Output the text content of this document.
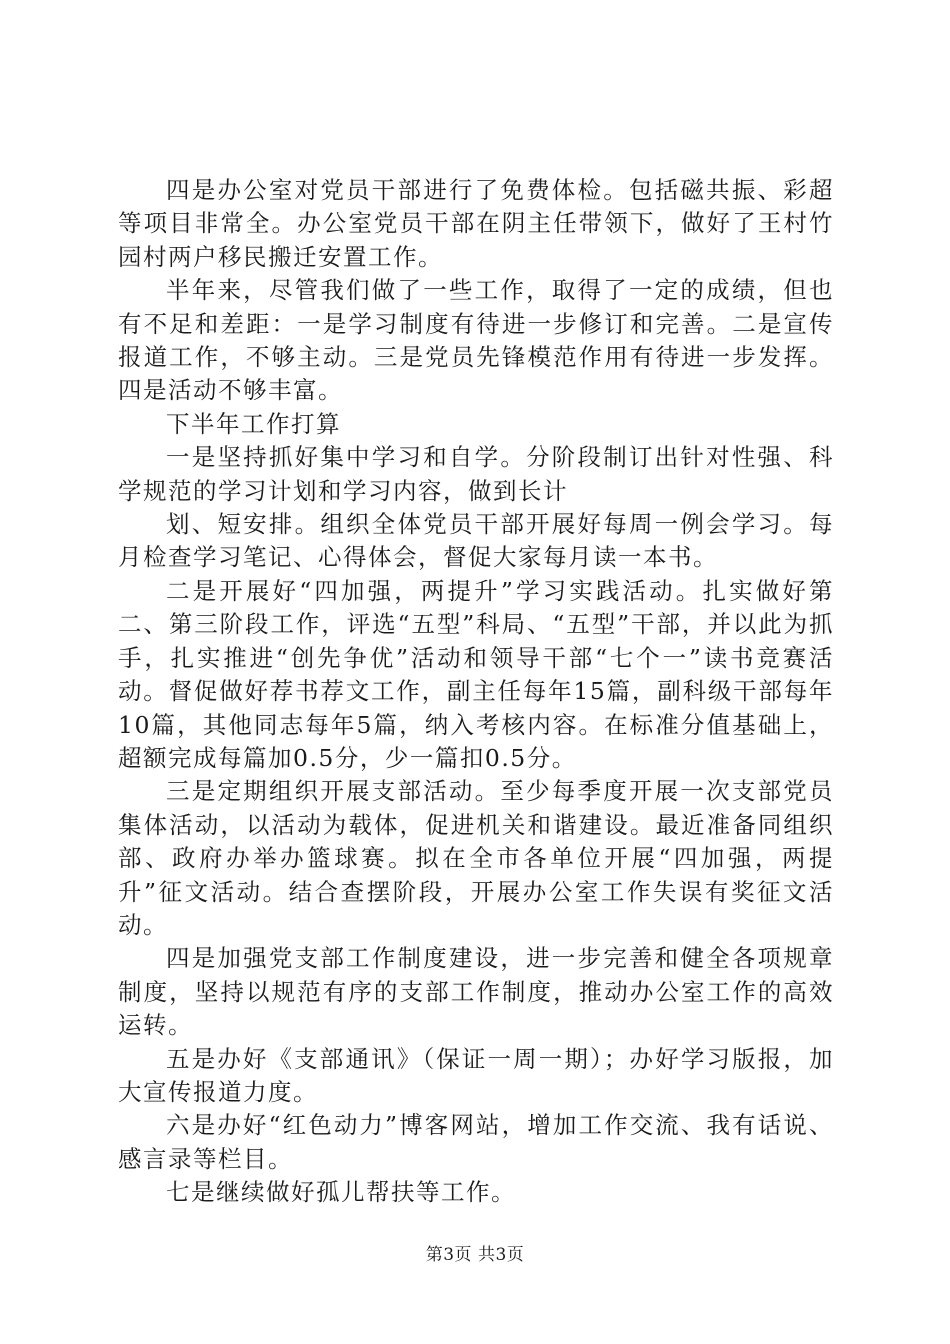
四是办公室对党员干部进行了免费体检。包括磁共振、彩超等项目非常全。办公室党员干部在阴主任带领下，做好了王村竹园村两户移民搬迁安置工作。

半年来，尽管我们做了一些工作，取得了一定的成绩，但也有不足和差距：一是学习制度有待进一步修订和完善。二是宣传报道工作，不够主动。三是党员先锋模范作用有待进一步发挥。四是活动不够丰富。

下半年工作打算

一是坚持抓好集中学习和自学。分阶段制订出针对性强、科学规范的学习计划和学习内容，做到长计

划、短安排。组织全体党员干部开展好每周一例会学习。每月检查学习笔记、心得体会，督促大家每月读一本书。

二是开展好“四加强，两提升”学习实践活动。扎实做好第二、第三阶段工作，评选“五型”科局、“五型”干部，并以此为抓手，扎实推进“创先争优”活动和领导干部“七个一”读书竞赛活动。督促做好荐书荐文工作，副主任每年15篇，副科级干部每年10篇，其他同志每年5篇，纳入考核内容。在标准分值基础上，超额完成每篇加0.5分，少一篇扣0.5分。

三是定期组织开展支部活动。至少每季度开展一次支部党员集体活动，以活动为载体，促进机关和谐建设。最近准备同组织部、政府办举办篮球赛。拟在全市各单位开展“四加强，两提升”征文活动。结合查摆阶段，开展办公室工作失误有奖征文活动。

四是加强党支部工作制度建设，进一步完善和健全各项规章制度，坚持以规范有序的支部工作制度，推动办公室工作的高效运转。

五是办好《支部通讯》（保证一周一期）；办好学习版报，加大宣传报道力度。

六是办好“红色动力”博客网站，增加工作交流、我有话说、感言录等栏目。

七是继续做好孤儿帮扶等工作。

第3页 共3页
